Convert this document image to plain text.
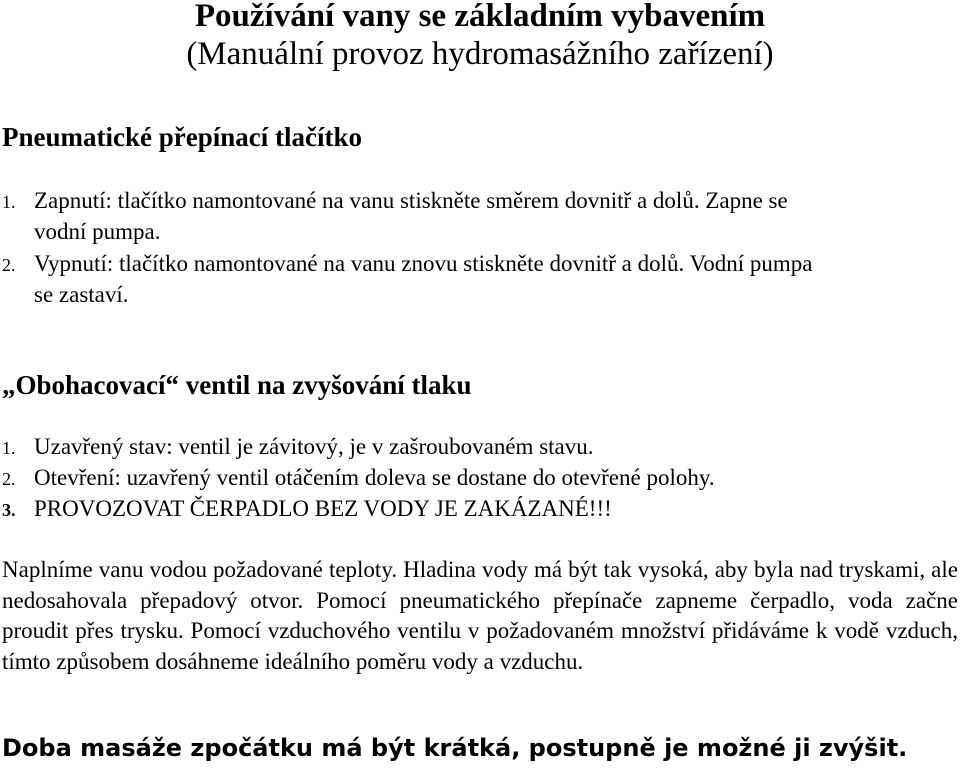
Používání vany se základním vybavením
(Manuální provoz hydromasážního zařízení)
Pneumatické přepínací tlačítko
1. Zapnutí: tlačítko namontované na vanu stiskněte směrem dovnitř a dolů. Zapne se
vodní pumpa.
2. Vypnutí: tlačítko namontované na vanu znovu stiskněte dovnitř a dolů. Vodní pumpa
se zastaví.
„Obohacovací“ ventil na zvyšování tlaku
1. Uzavřený stav: ventil je závitový, je v zašroubovaném stavu.
2. Otevření: uzavřený ventil otáčením doleva se dostane do otevřené polohy.
3. PROVOZOVAT ČERPADLO BEZ VODY JE ZAKÁZANÉ!!!
Naplníme vanu vodou požadované teploty. Hladina vody má být tak vysoká, aby byla nad tryskami, ale nedosahovala přepadový otvor. Pomocí pneumatického přepínače zapneme čerpadlo, voda začne proudit přes trysku. Pomocí vzduchového ventilu v požadovaném množství přidáváme k vodě vzduch, tímto způsobem dosáhneme ideálního poměru vody a vzduchu.
Doba masáže zpočátku má být krátká, postupně je možné ji zvýšit.
